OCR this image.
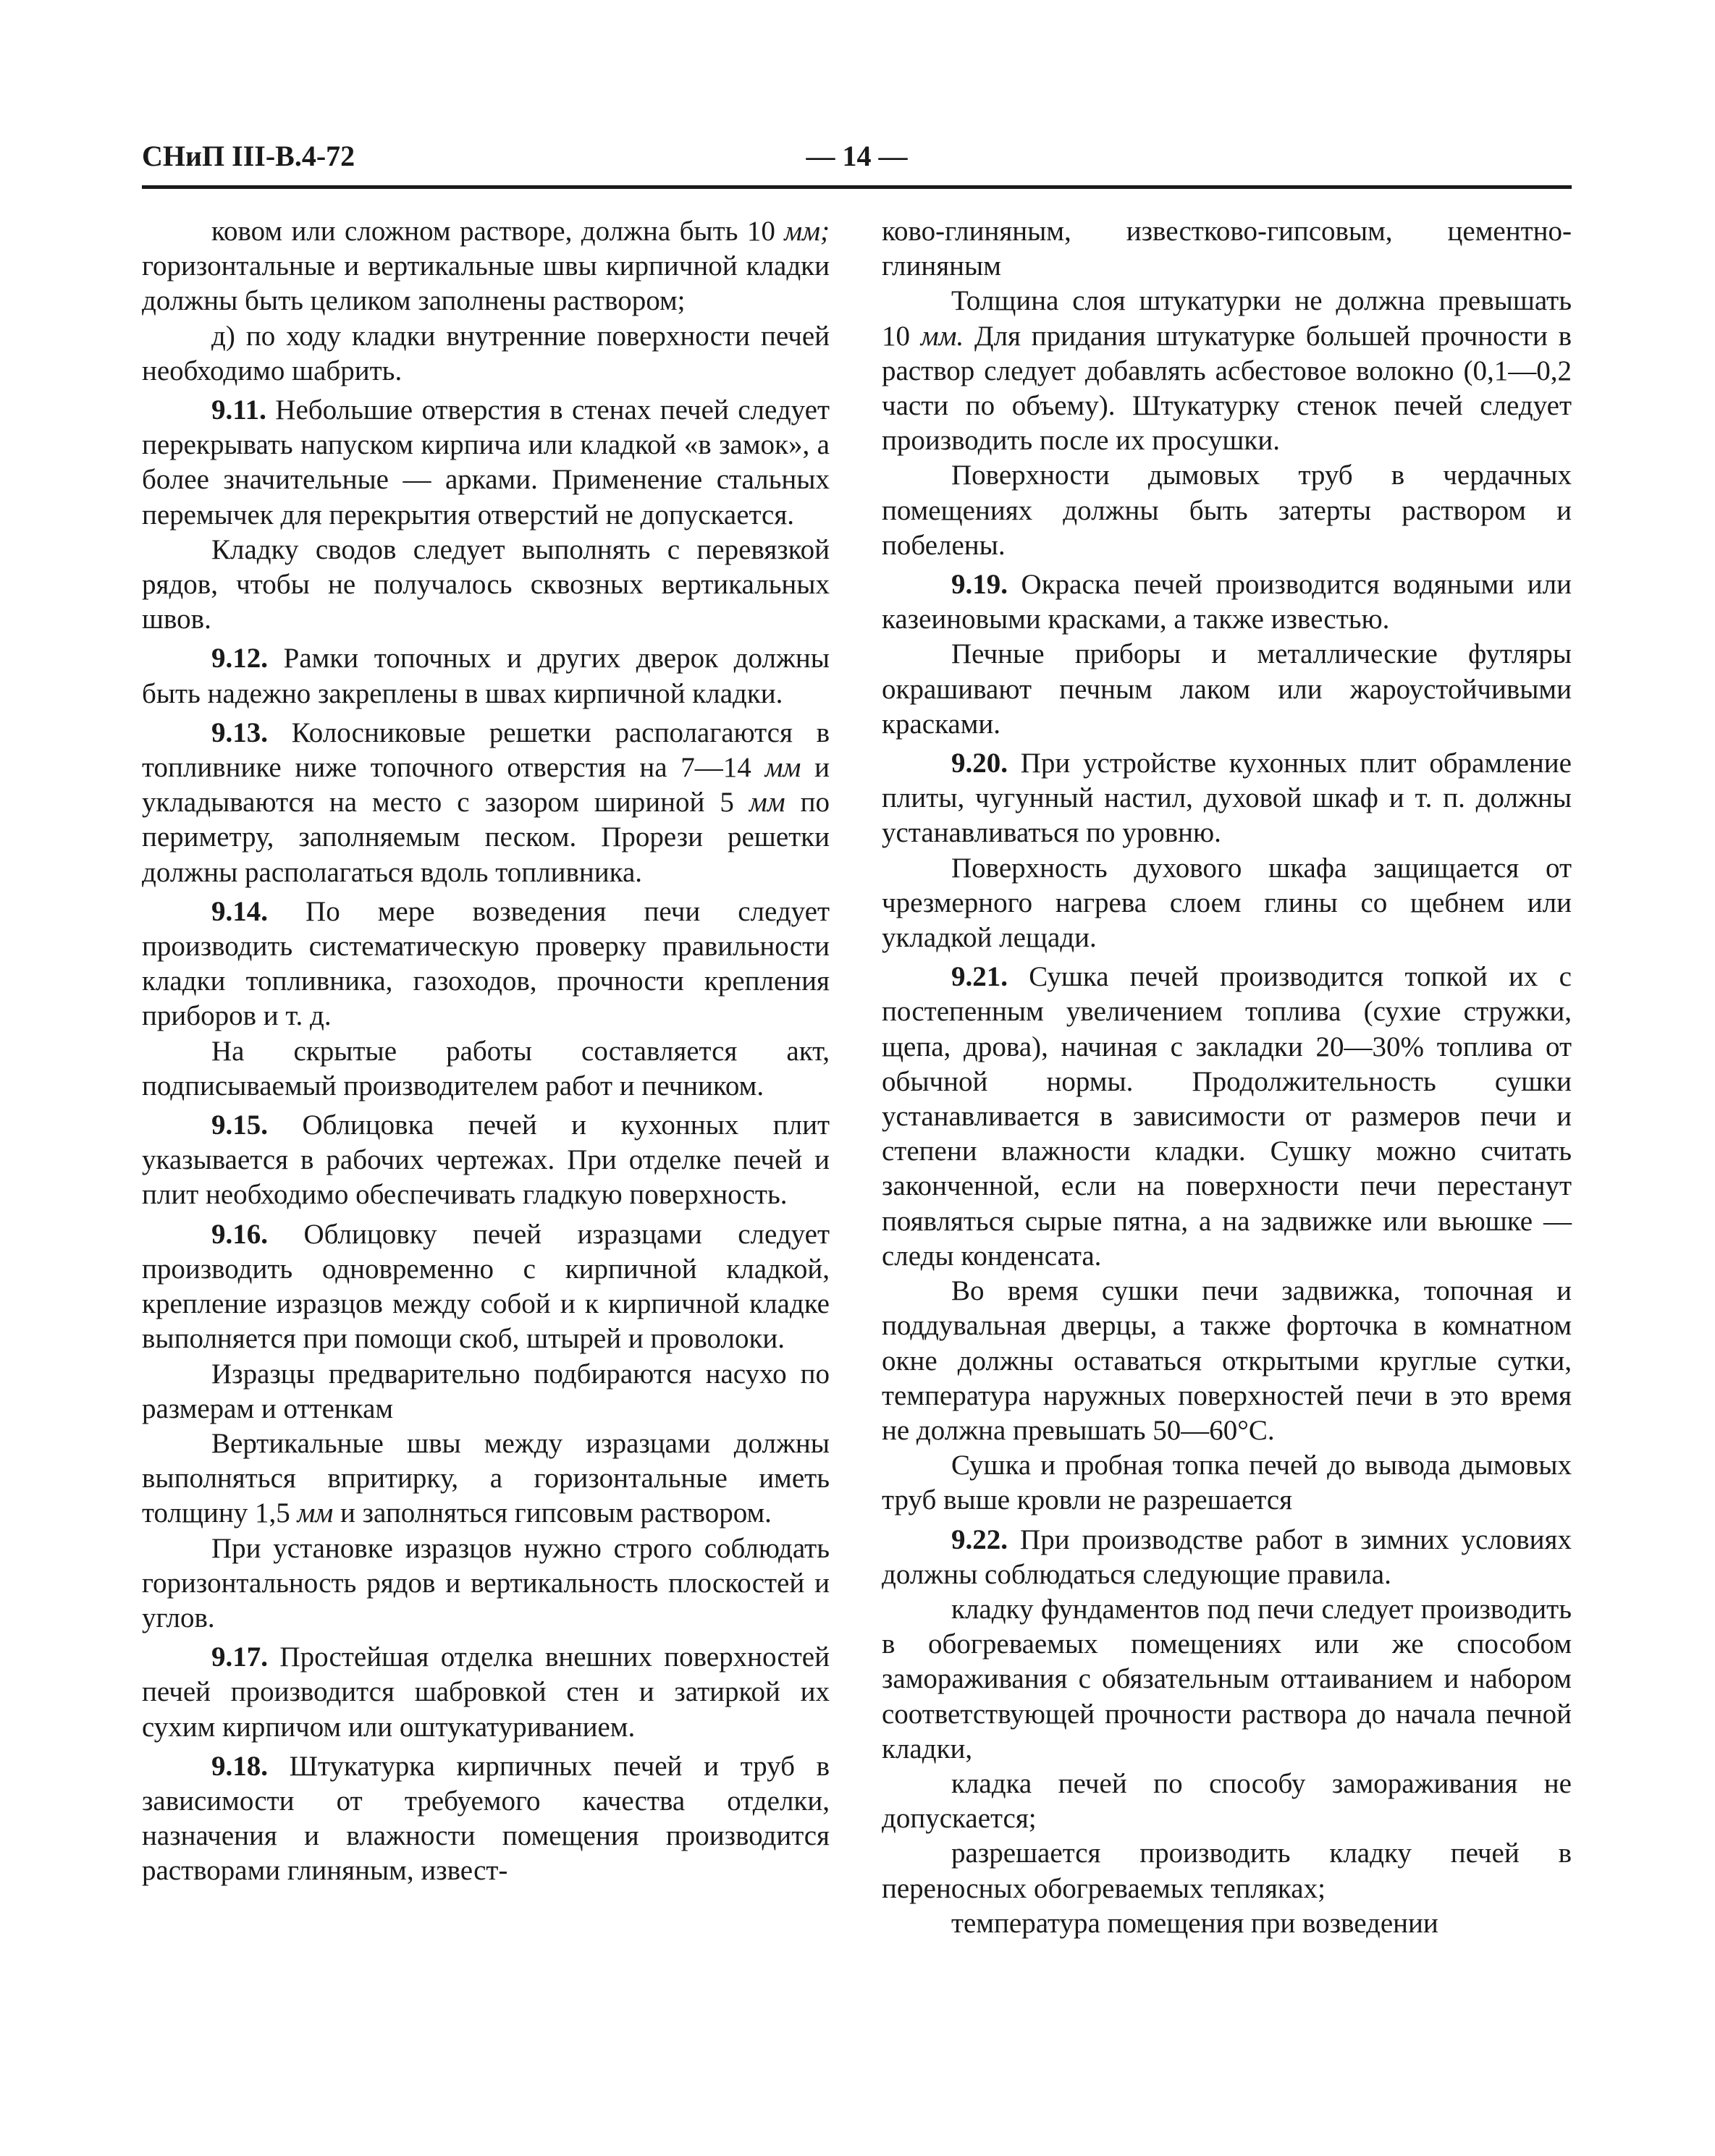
СНиП III-В.4-72	— 14 —

ковом или сложном растворе, должна быть 10 мм; горизонтальные и вертикальные швы кирпичной кладки должны быть целиком заполнены раствором;

д) по ходу кладки внутренние поверхности печей необходимо шабрить.

9.11. Небольшие отверстия в стенах печей следует перекрывать напуском кирпича или кладкой «в замок», а более значительные — арками. Применение стальных перемычек для перекрытия отверстий не допускается.

Кладку сводов следует выполнять с перевязкой рядов, чтобы не получалось сквозных вертикальных швов.

9.12. Рамки топочных и других дверок должны быть надежно закреплены в швах кирпичной кладки.

9.13. Колосниковые решетки располагаются в топливнике ниже топочного отверстия на 7—14 мм и укладываются на место с зазором шириной 5 мм по периметру, заполняемым песком. Прорези решетки должны располагаться вдоль топливника.

9.14. По мере возведения печи следует производить систематическую проверку правильности кладки топливника, газоходов, прочности крепления приборов и т. д.

На скрытые работы составляется акт, подписываемый производителем работ и печником.

9.15. Облицовка печей и кухонных плит указывается в рабочих чертежах. При отделке печей и плит необходимо обеспечивать гладкую поверхность.

9.16. Облицовку печей изразцами следует производить одновременно с кирпичной кладкой, крепление изразцов между собой и к кирпичной кладке выполняется при помощи скоб, штырей и проволоки.

Изразцы предварительно подбираются насухо по размерам и оттенкам

Вертикальные швы между изразцами должны выполняться впритирку, а горизонтальные иметь толщину 1,5 мм и заполняться гипсовым раствором.

При установке изразцов нужно строго соблюдать горизонтальность рядов и вертикальность плоскостей и углов.

9.17. Простейшая отделка внешних поверхностей печей производится шабровкой стен и затиркой их сухим кирпичом или оштукатуриванием.

9.18. Штукатурка кирпичных печей и труб в зависимости от требуемого качества отделки, назначения и влажности помещения производится растворами глиняным, извест-

ково-глиняным, известково-гипсовым, цементно-глиняным

Толщина слоя штукатурки не должна превышать 10 мм. Для придания штукатурке большей прочности в раствор следует добавлять асбестовое волокно (0,1—0,2 части по объему). Штукатурку стенок печей следует производить после их просушки.

Поверхности дымовых труб в чердачных помещениях должны быть затерты раствором и побелены.

9.19. Окраска печей производится водяными или казеиновыми красками, а также известью.

Печные приборы и металлические футляры окрашивают печным лаком или жароустойчивыми красками.

9.20. При устройстве кухонных плит обрамление плиты, чугунный настил, духовой шкаф и т. п. должны устанавливаться по уровню.

Поверхность духового шкафа защищается от чрезмерного нагрева слоем глины со щебнем или укладкой лещади.

9.21. Сушка печей производится топкой их с постепенным увеличением топлива (сухие стружки, щепа, дрова), начиная с закладки 20—30% топлива от обычной нормы. Продолжительность сушки устанавливается в зависимости от размеров печи и степени влажности кладки. Сушку можно считать законченной, если на поверхности печи перестанут появляться сырые пятна, а на задвижке или вьюшке — следы конденсата.

Во время сушки печи задвижка, топочная и поддувальная дверцы, а также форточка в комнатном окне должны оставаться открытыми круглые сутки, температура наружных поверхностей печи в это время не должна превышать 50—60°С.

Сушка и пробная топка печей до вывода дымовых труб выше кровли не разрешается

9.22. При производстве работ в зимних условиях должны соблюдаться следующие правила.

кладку фундаментов под печи следует производить в обогреваемых помещениях или же способом замораживания с обязательным оттаиванием и набором соответствующей прочности раствора до начала печной кладки,

кладка печей по способу замораживания не допускается;

разрешается производить кладку печей в переносных обогреваемых тепляках;

температура помещения при возведении
